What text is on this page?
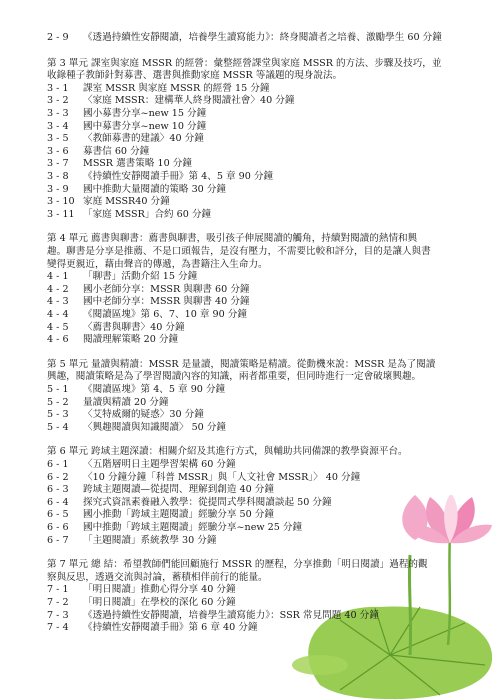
2 - 9　　《透過持續性安靜閱讀，培養學生讀寫能力》：終身閱讀者之培養、激勵學生 60 分鐘
第 3 單元 課室與家庭 MSSR 的經營：彙整經營課堂與家庭 MSSR 的方法、步驟及技巧，並
收錄種子教師針對募書、選書與推動家庭 MSSR 等議題的現身說法。
3 - 1 課室 MSSR 與家庭 MSSR 的經營 15 分鐘
3 - 2 〈家庭 MSSR：建構華人終身閱讀社會〉40 分鐘
3 - 3 國小募書分享~new 15 分鐘
3 - 4 國中募書分享~new 10 分鐘
3 - 5 〈教師募書的建議〉40 分鐘
3 - 6 募書信 60 分鐘
3 - 7 MSSR 選書策略 10 分鐘
3 - 8 《持續性安靜閱讀手冊》第 4、5 章 90 分鐘
3 - 9 國中推動大量閱讀的策略 30 分鐘
3 - 10 家庭 MSSR40 分鐘
3 - 11 「家庭 MSSR」合約 60 分鐘
第 4 單元 薦書與聊書：薦書與聊書，吸引孩子伸展閱讀的觸角，持續對閱讀的熱情和興
趣。聊書是分享是推薦、不是口頭報告，是沒有壓力，不需要比較和評分，目的是讓人與書
變得更親近，藉由聲音的傳遞，為書籍注入生命力。
4 - 1 「聊書」活動介紹 15 分鐘
4 - 2 國小老師分享：MSSR 與聊書 60 分鐘
4 - 3 國中老師分享：MSSR 與聊書 40 分鐘
4 - 4 《閱讀區塊》第 6、7、10 章 90 分鐘
4 - 5 〈薦書與聊書〉40 分鐘
4 - 6 閱讀理解策略 20 分鐘
第 5 單元 量讀與精讀：MSSR 是量讀，閱讀策略是精讀。從動機來說：MSSR 是為了閱讀
興趣，閱讀策略是為了學習閱讀內容的知識，兩者都重要，但同時進行一定會破壞興趣。
5 - 1 《閱讀區塊》第 4、5 章 90 分鐘
5 - 2 量讀與精讀 20 分鐘
5 - 3 〈艾特威爾的疑惑〉30 分鐘
5 - 4 〈興趣閱讀與知識閱讀〉 50 分鐘
第 6 單元 跨域主題深讀：相關介紹及其進行方式，與輔助共同備課的教學資源平台。
6 - 1 〈五階層明日主題學習架構 60 分鐘
6 - 2 〈10 分鐘分鐘「科普 MSSR」與「人文社會 MSSR」〉 40 分鐘
6 - 3 跨域主題閱讀—從提問、理解到創造 40 分鐘
6 - 4 探究式資訊素養融入教學：從提問式學科閱讀談起 50 分鐘
6 - 5 國小推動「跨域主題閱讀」經驗分享 50 分鐘
6 - 6 國中推動「跨域主題閱讀」經驗分享~new 25 分鐘
6 - 7 「主題閱讀」系統教學 30 分鐘
第 7 單元 總 結：希望教師們能回顧施行 MSSR 的歷程，分享推動「明日閱讀」過程的觀
察與反思，透過交流與討論，蓄積相伴前行的能量。
7 - 1 「明日閱讀」推動心得分享 40 分鐘
7 - 2 「明日閱讀」在學校的深化 60 分鐘
7 - 3 《透過持續性安靜閱讀，培養學生讀寫能力》：SSR 常見問題 40 分鐘
7 - 4 《持續性安靜閱讀手冊》第 6 章 40 分鐘
